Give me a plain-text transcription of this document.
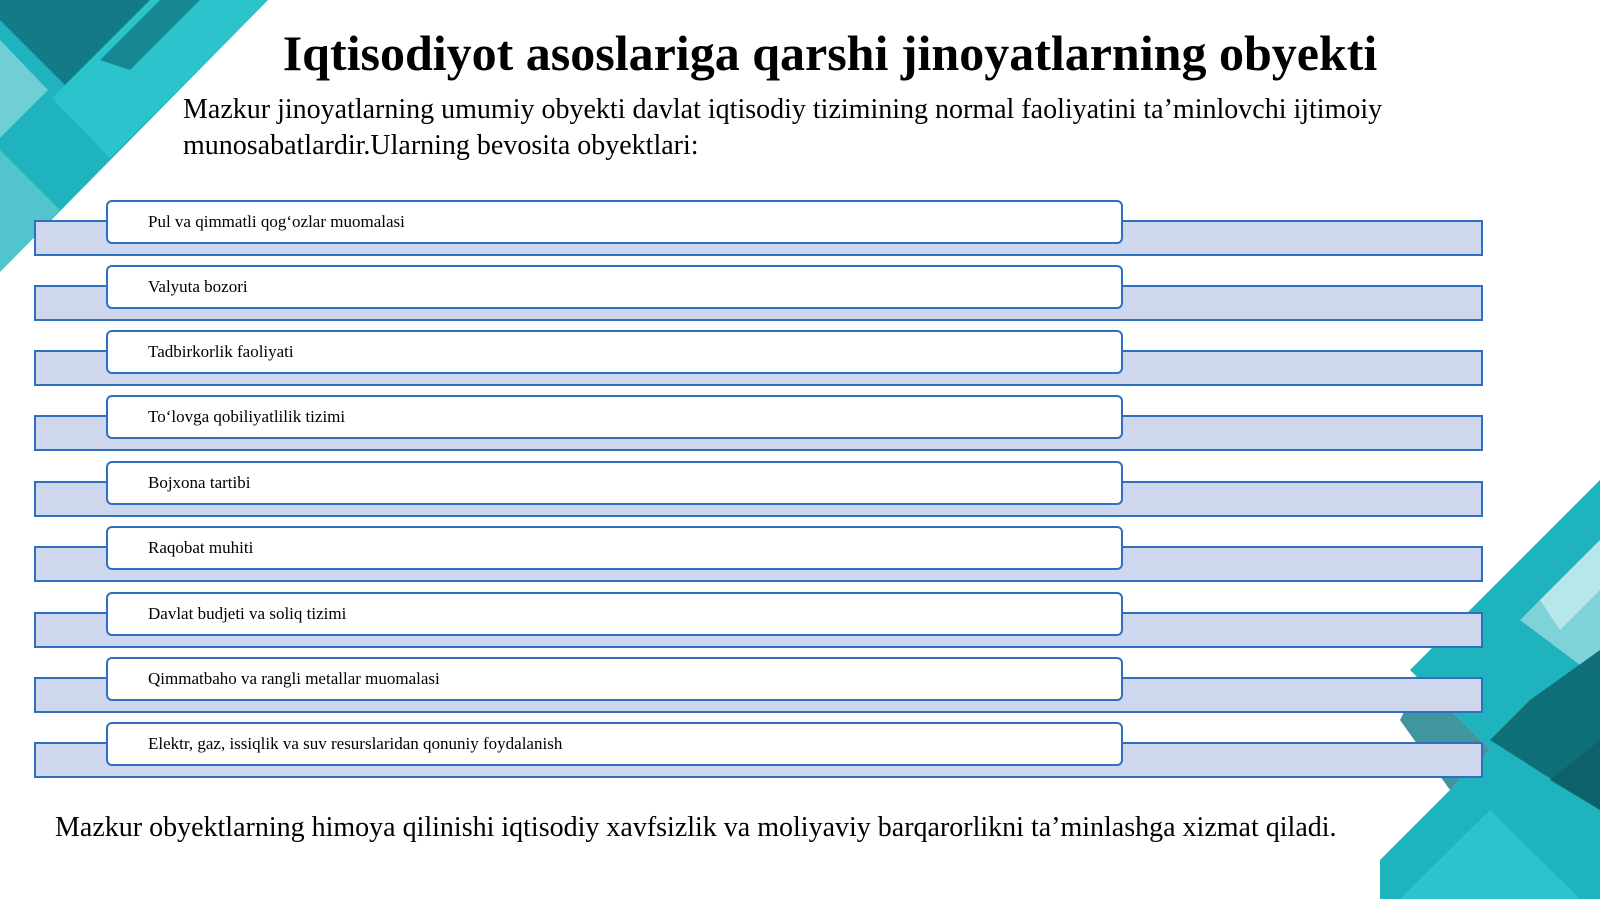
Iqtisodiyot asoslariga qarshi jinoyatlarning obyekti

Mazkur jinoyatlarning umumiy obyekti davlat iqtisodiy tizimining normal faoliyatini ta’minlovchi ijtimoiy munosabatlardir.Ularning bevosita obyektlari:

Pul va qimmatli qog‘ozlar muomalasi
Valyuta bozori
Tadbirkorlik faoliyati
To‘lovga qobiliyatlilik tizimi
Bojxona tartibi
Raqobat muhiti
Davlat budjeti va soliq tizimi
Qimmatbaho va rangli metallar muomalasi
Elektr, gaz, issiqlik va suv resurslaridan qonuniy foydalanish

Mazkur obyektlarning himoya qilinishi iqtisodiy xavfsizlik va moliyaviy barqarorlikni ta’minlashga xizmat qiladi.
